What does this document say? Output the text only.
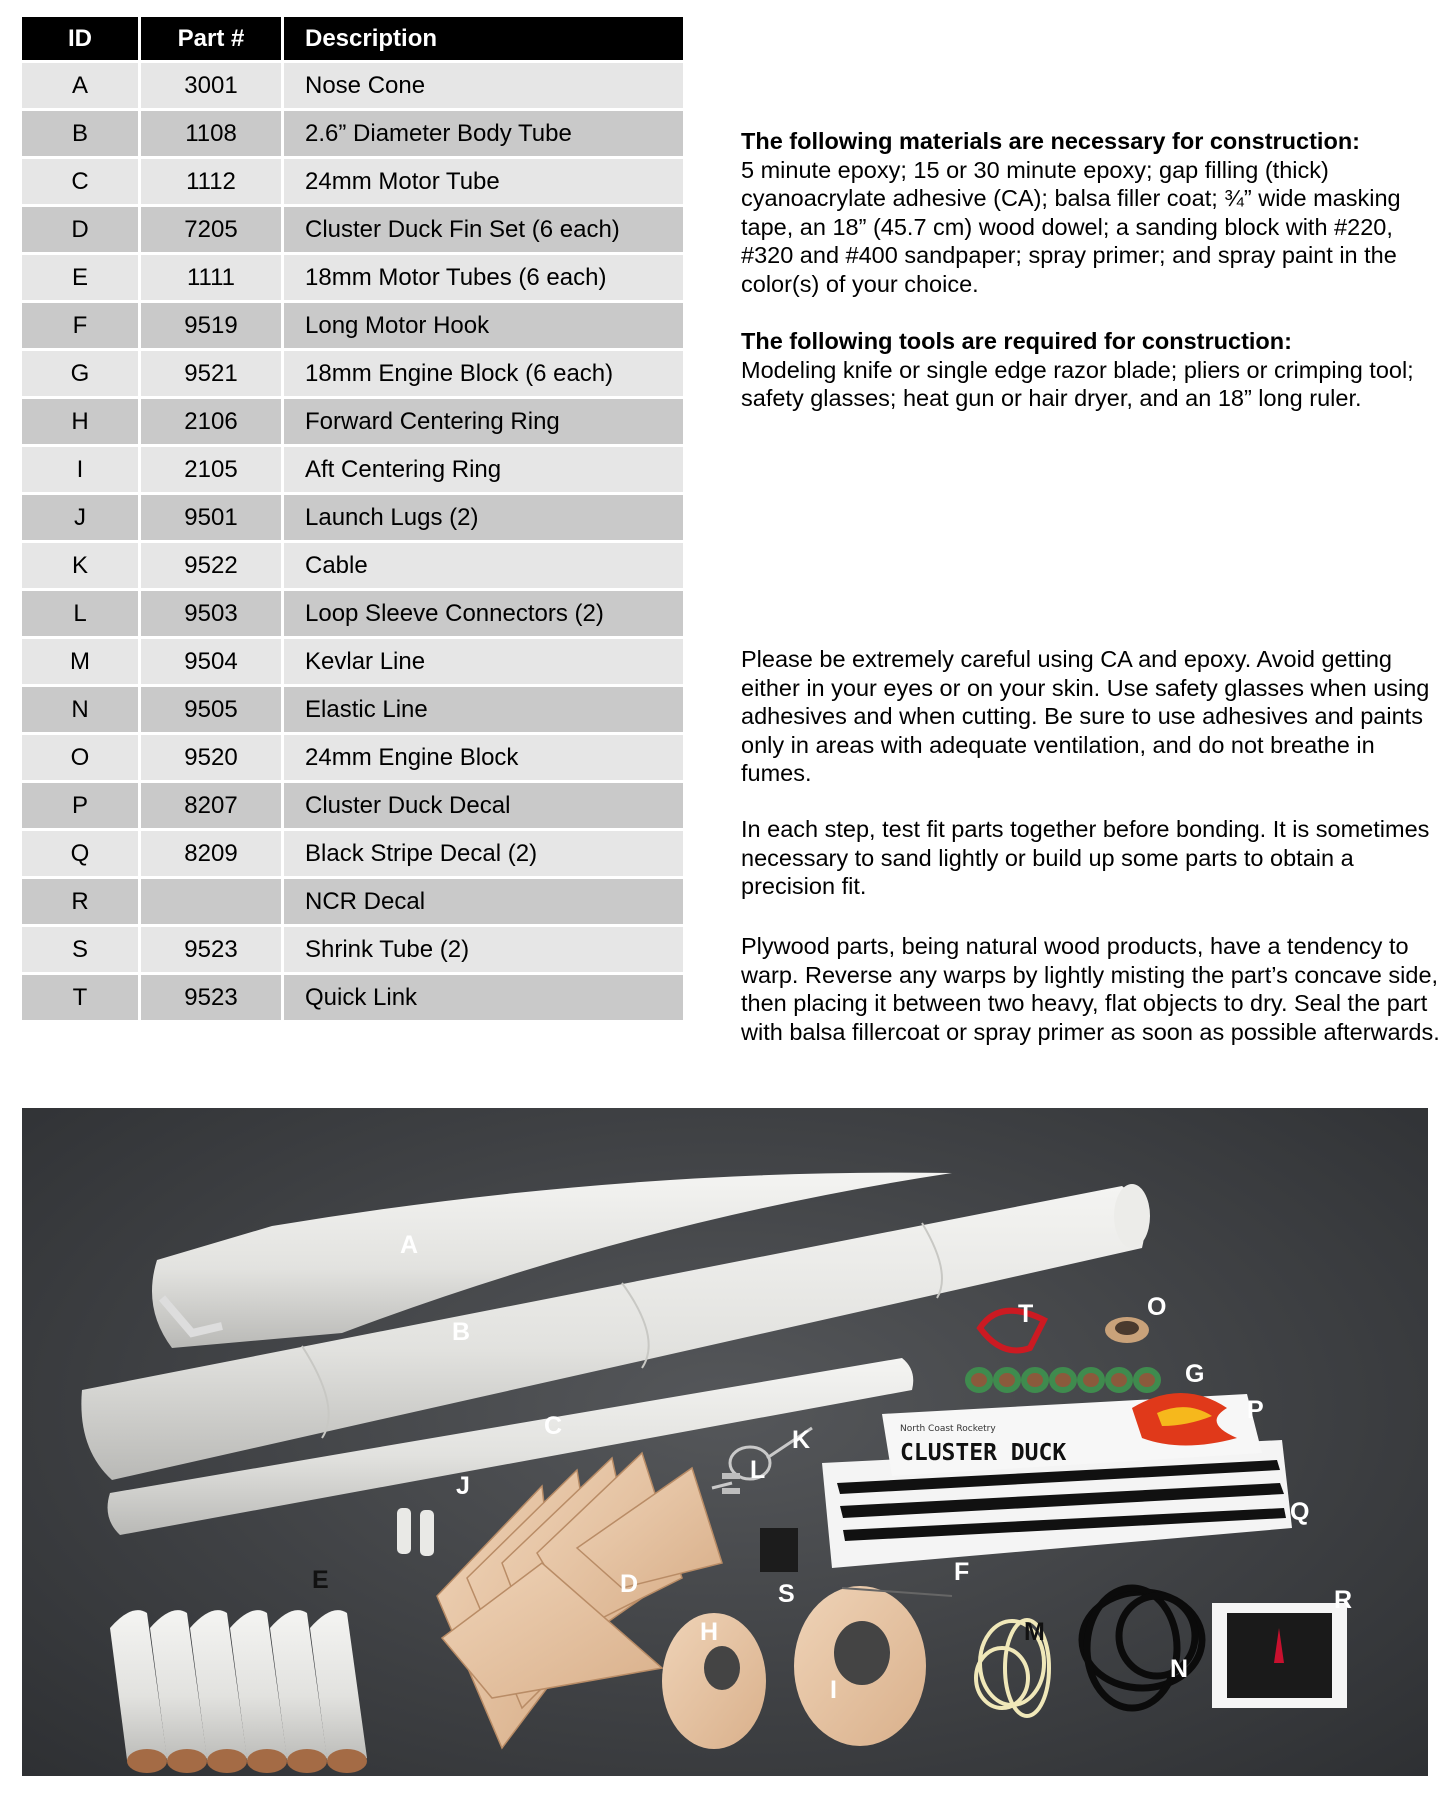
ID	Part #	Description
A	3001	Nose Cone
B	1108	2.6” Diameter Body Tube
C	1112	24mm Motor Tube
D	7205	Cluster Duck Fin Set (6 each)
E	1111	18mm Motor Tubes (6 each)
F	9519	Long Motor Hook
G	9521	18mm Engine Block (6 each)
H	2106	Forward Centering Ring
I	2105	Aft Centering Ring
J	9501	Launch Lugs (2)
K	9522	Cable
L	9503	Loop Sleeve Connectors (2)
M	9504	Kevlar Line
N	9505	Elastic Line
O	9520	24mm Engine Block
P	8207	Cluster Duck Decal
Q	8209	Black Stripe Decal (2)
R		NCR Decal
S	9523	Shrink Tube (2)
T	9523	Quick Link
The following materials are necessary for construction:
5 minute epoxy; 15 or 30 minute epoxy; gap filling (thick) cyanoacrylate adhesive (CA); balsa filler coat; ¾” wide masking tape, an 18” (45.7 cm) wood dowel; a sanding block with #220, #320 and #400 sandpaper; spray primer; and spray paint in the color(s) of your choice.
The following tools are required for construction:
Modeling knife or single edge razor blade; pliers or crimping tool; safety glasses; heat gun or hair dryer, and an 18” long ruler.
Please be extremely careful using CA and epoxy. Avoid getting either in your eyes or on your skin. Use safety glasses when using adhesives and when cutting. Be sure to use adhesives and paints only in areas with adequate ventilation, and do not breathe in fumes.
In each step, test fit parts together before bonding. It is sometimes necessary to sand lightly or build up some parts to obtain a precision fit.
Plywood parts, being natural wood products, have a tendency to warp. Reverse any warps by lightly misting the part’s concave side, then placing it between two heavy, flat objects to dry. Seal the part with balsa fillercoat or spray primer as soon as possible afterwards.
North Coast Rocketry
CLUSTER DUCK
A
B
C
D
E	F
G
H
I
J
K
L
M
N
O
P
Q
R
S
T
